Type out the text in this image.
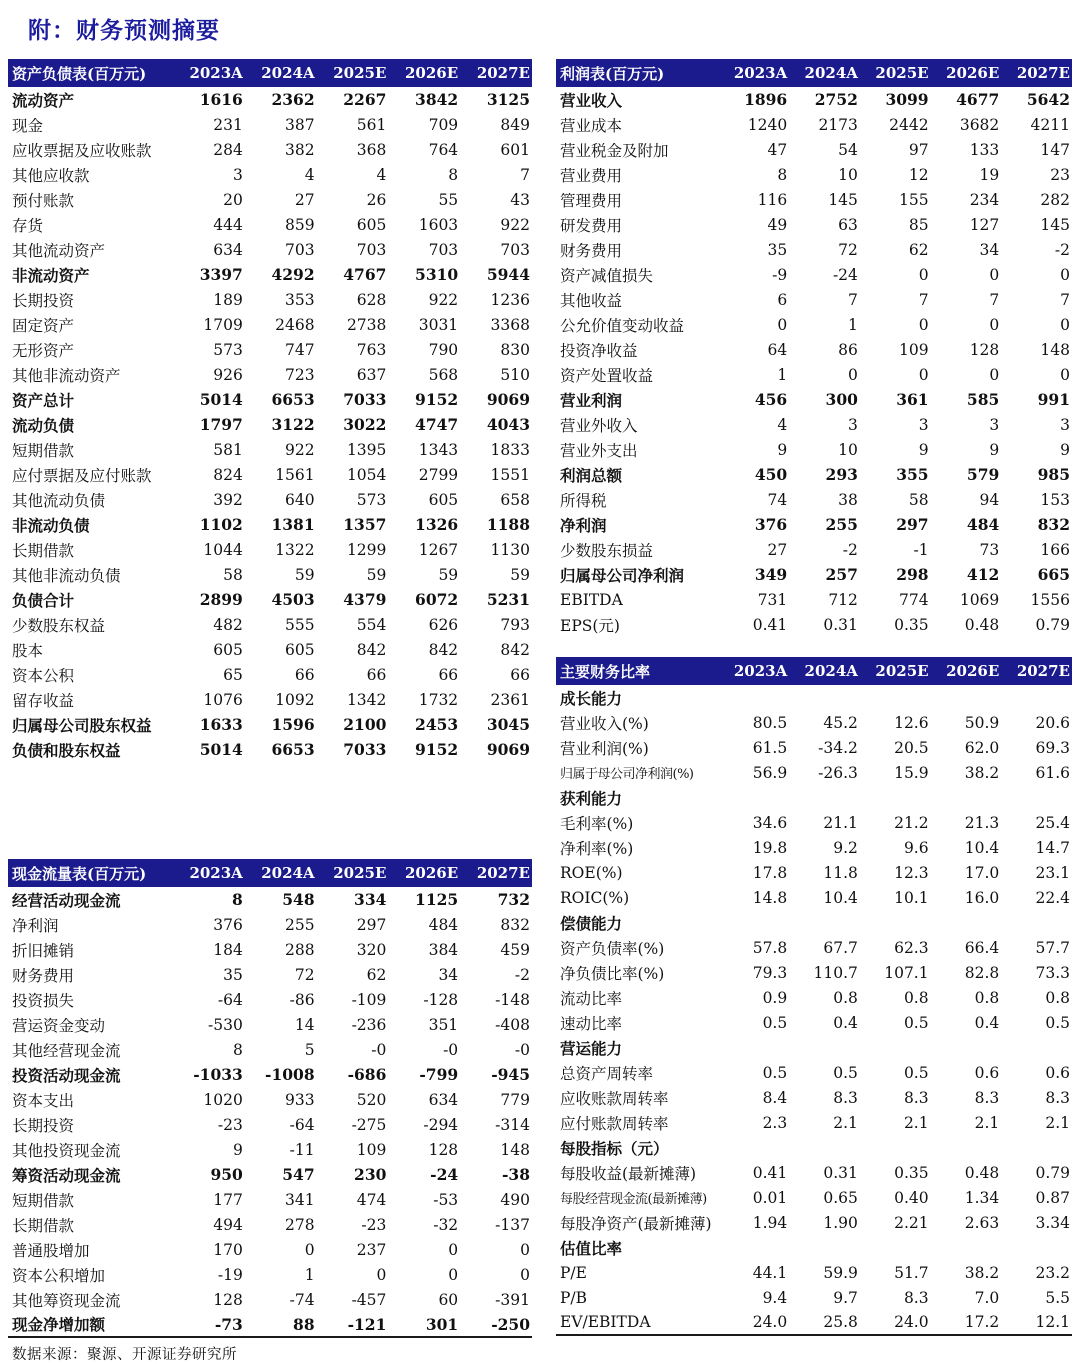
附：财务预测摘要
资产负债表(百万元)	2023A	2024A	2025E	2026E	2027E
流动资产	1616	2362	2267	3842	3125
现金	231	387	561	709	849
应收票据及应收账款	284	382	368	764	601
其他应收款	3	4	4	8	7
预付账款	20	27	26	55	43
存货	444	859	605	1603	922
其他流动资产	634	703	703	703	703
非流动资产	3397	4292	4767	5310	5944
长期投资	189	353	628	922	1236
固定资产	1709	2468	2738	3031	3368
无形资产	573	747	763	790	830
其他非流动资产	926	723	637	568	510
资产总计	5014	6653	7033	9152	9069
流动负债	1797	3122	3022	4747	4043
短期借款	581	922	1395	1343	1833
应付票据及应付账款	824	1561	1054	2799	1551
其他流动负债	392	640	573	605	658
非流动负债	1102	1381	1357	1326	1188
长期借款	1044	1322	1299	1267	1130
其他非流动负债	58	59	59	59	59
负债合计	2899	4503	4379	6072	5231
少数股东权益	482	555	554	626	793
股本	605	605	842	842	842
资本公积	65	66	66	66	66
留存收益	1076	1092	1342	1732	2361
归属母公司股东权益	1633	1596	2100	2453	3045
负债和股东权益	5014	6653	7033	9152	9069
现金流量表(百万元)	2023A	2024A	2025E	2026E	2027E
经营活动现金流	8	548	334	1125	732
净利润	376	255	297	484	832
折旧摊销	184	288	320	384	459
财务费用	35	72	62	34	-2
投资损失	-64	-86	-109	-128	-148
营运资金变动	-530	14	-236	351	-408
其他经营现金流	8	5	-0	-0	-0
投资活动现金流	-1033	-1008	-686	-799	-945
资本支出	1020	933	520	634	779
长期投资	-23	-64	-275	-294	-314
其他投资现金流	9	-11	109	128	148
筹资活动现金流	950	547	230	-24	-38
短期借款	177	341	474	-53	490
长期借款	494	278	-23	-32	-137
普通股增加	170	0	237	0	0
资本公积增加	-19	1	0	0	0
其他筹资现金流	128	-74	-457	60	-391
现金净增加额	-73	88	-121	301	-250
数据来源：聚源、开源证券研究所
利润表(百万元)	2023A	2024A	2025E	2026E	2027E
营业收入	1896	2752	3099	4677	5642
营业成本	1240	2173	2442	3682	4211
营业税金及附加	47	54	97	133	147
营业费用	8	10	12	19	23
管理费用	116	145	155	234	282
研发费用	49	63	85	127	145
财务费用	35	72	62	34	-2
资产减值损失	-9	-24	0	0	0
其他收益	6	7	7	7	7
公允价值变动收益	0	1	0	0	0
投资净收益	64	86	109	128	148
资产处置收益	1	0	0	0	0
营业利润	456	300	361	585	991
营业外收入	4	3	3	3	3
营业外支出	9	10	9	9	9
利润总额	450	293	355	579	985
所得税	74	38	58	94	153
净利润	376	255	297	484	832
少数股东损益	27	-2	-1	73	166
归属母公司净利润	349	257	298	412	665
EBITDA	731	712	774	1069	1556
EPS(元)	0.41	0.31	0.35	0.48	0.79
主要财务比率	2023A	2024A	2025E	2026E	2027E
成长能力					
营业收入(%)	80.5	45.2	12.6	50.9	20.6
营业利润(%)	61.5	-34.2	20.5	62.0	69.3
归属于母公司净利润(%)	56.9	-26.3	15.9	38.2	61.6
获利能力					
毛利率(%)	34.6	21.1	21.2	21.3	25.4
净利率(%)	19.8	9.2	9.6	10.4	14.7
ROE(%)	17.8	11.8	12.3	17.0	23.1
ROIC(%)	14.8	10.4	10.1	16.0	22.4
偿债能力					
资产负债率(%)	57.8	67.7	62.3	66.4	57.7
净负债比率(%)	79.3	110.7	107.1	82.8	73.3
流动比率	0.9	0.8	0.8	0.8	0.8
速动比率	0.5	0.4	0.5	0.4	0.5
营运能力					
总资产周转率	0.5	0.5	0.5	0.6	0.6
应收账款周转率	8.4	8.3	8.3	8.3	8.3
应付账款周转率	2.3	2.1	2.1	2.1	2.1
每股指标（元）					
每股收益(最新摊薄)	0.41	0.31	0.35	0.48	0.79
每股经营现金流(最新摊薄)	0.01	0.65	0.40	1.34	0.87
每股净资产(最新摊薄)	1.94	1.90	2.21	2.63	3.34
估值比率					
P/E	44.1	59.9	51.7	38.2	23.2
P/B	9.4	9.7	8.3	7.0	5.5
EV/EBITDA	24.0	25.8	24.0	17.2	12.1
